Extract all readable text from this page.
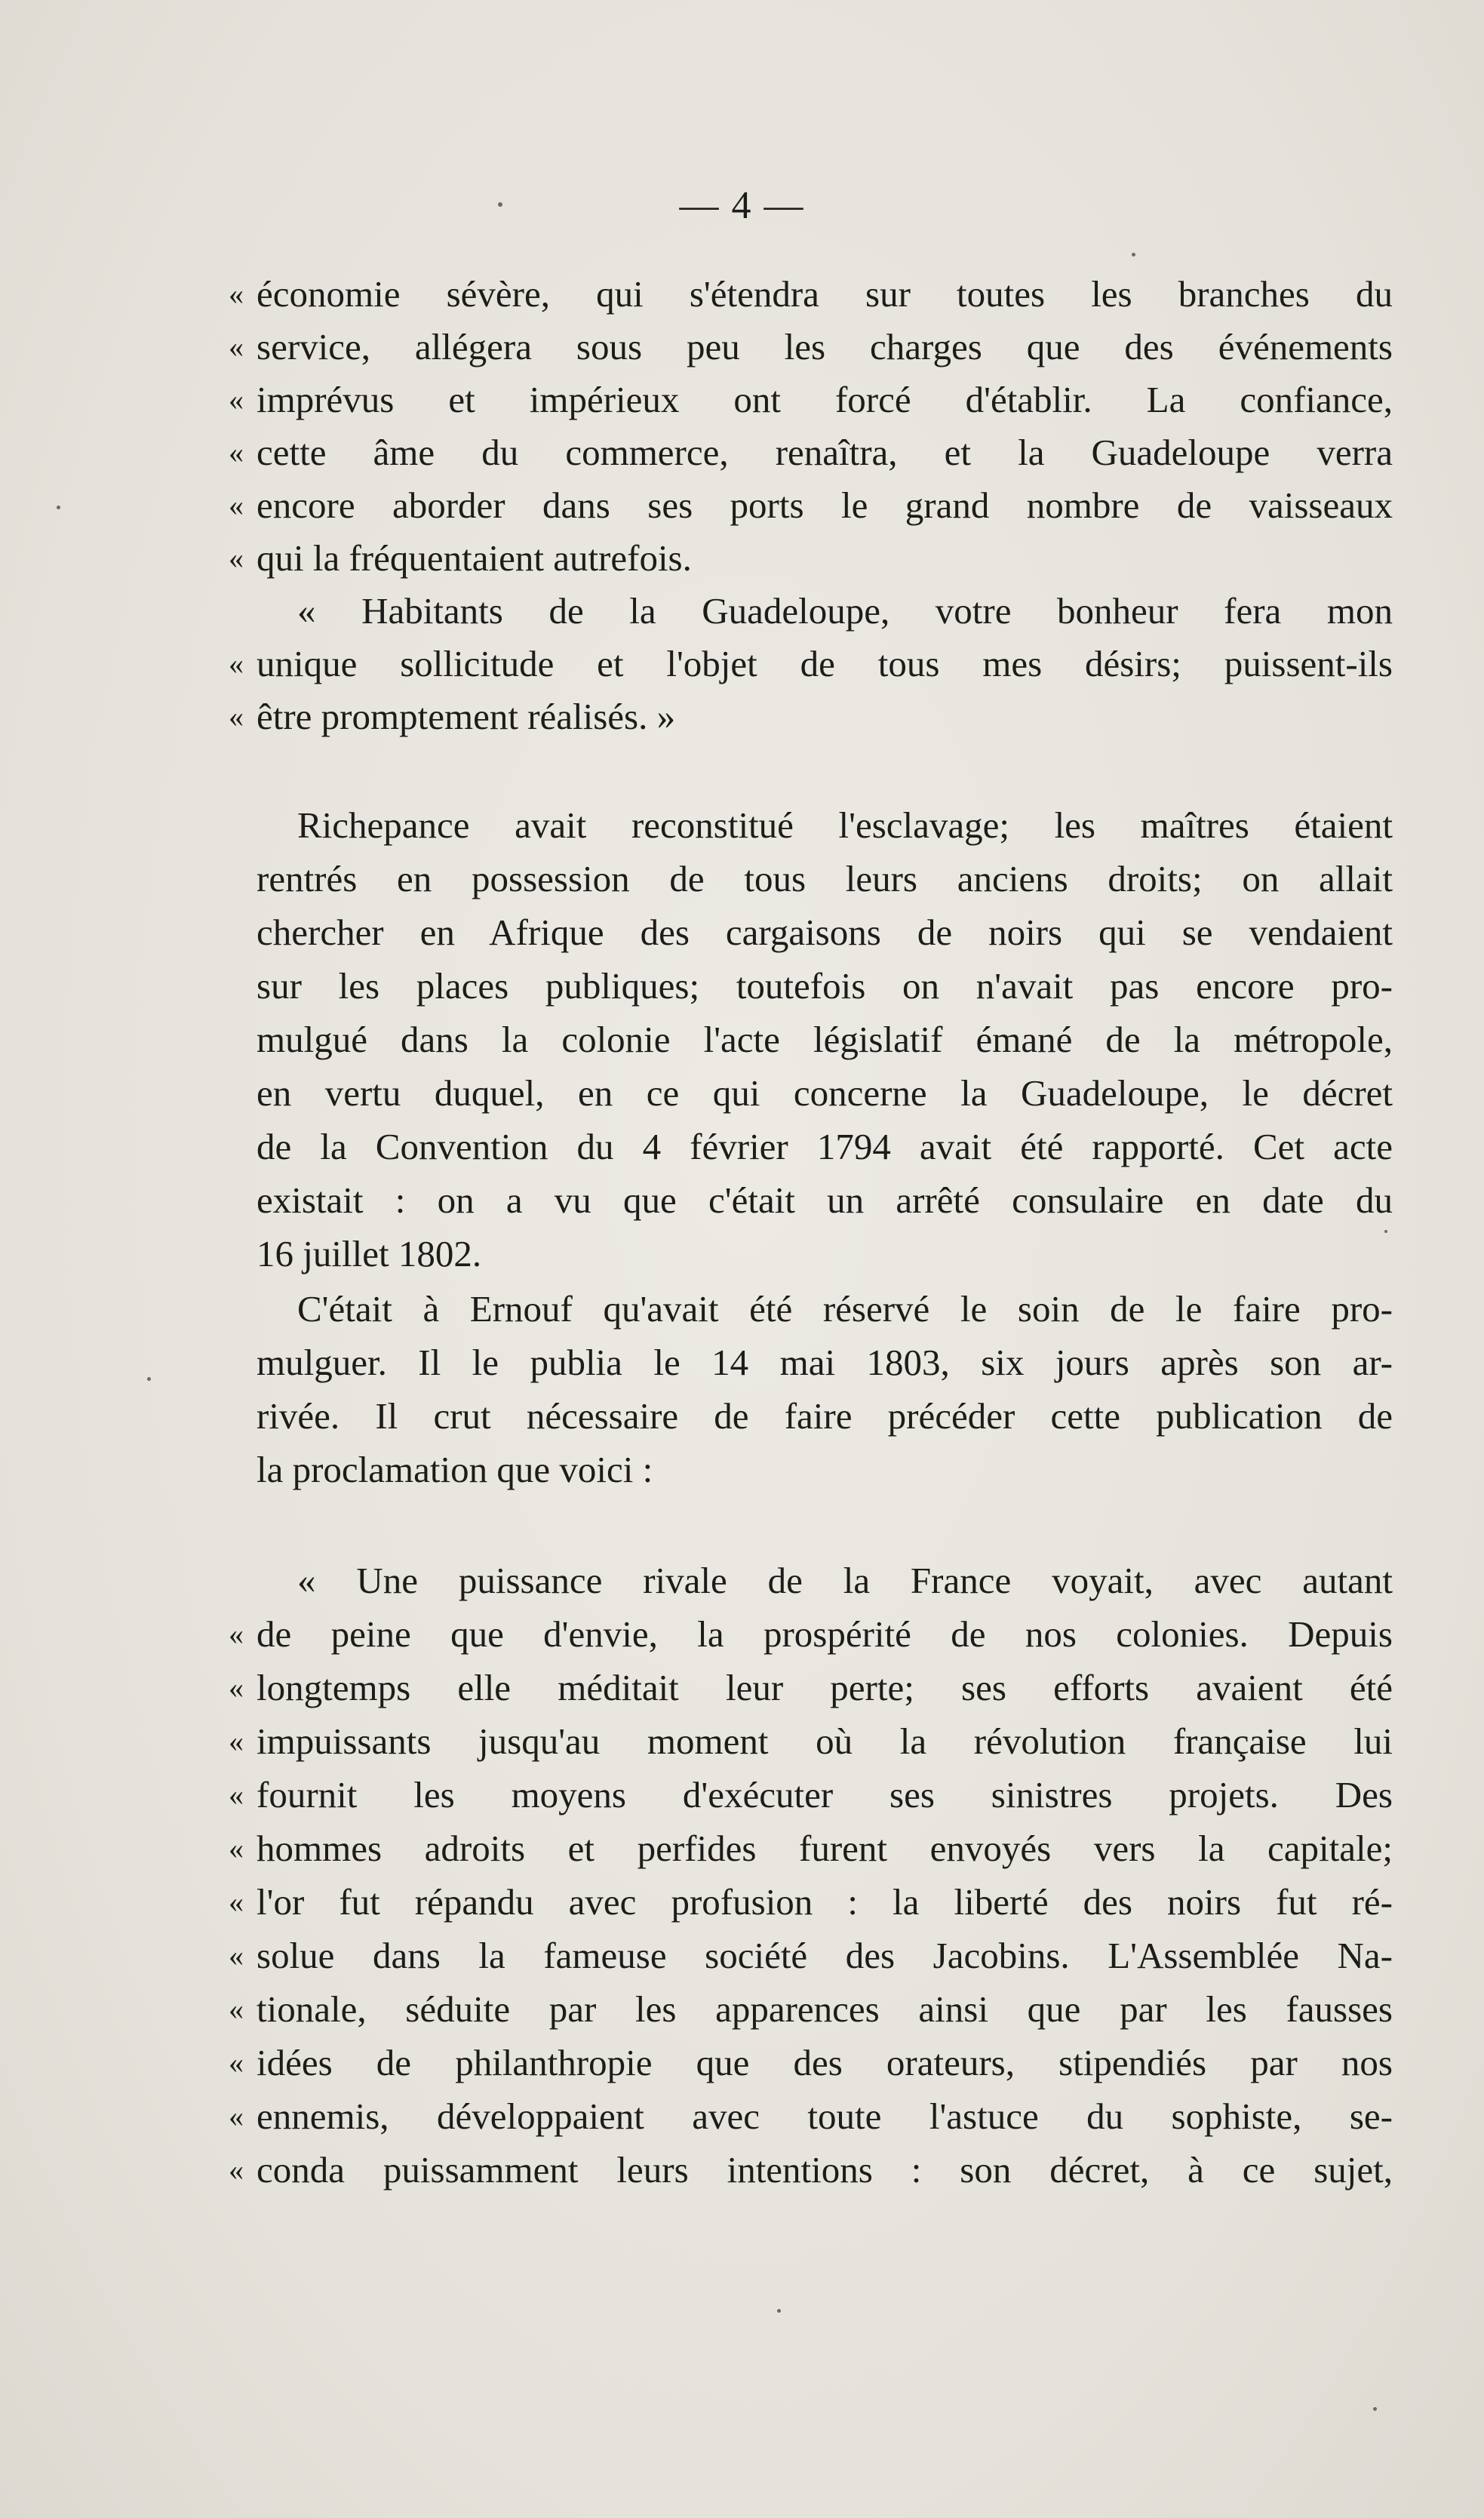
— 4 —
« économie sévère, qui s'étendra sur toutes les branches du
« service, allégera sous peu les charges que des événements
« imprévus et impérieux ont forcé d'établir. La confiance,
« cette âme du commerce, renaîtra, et la Guadeloupe verra
« encore aborder dans ses ports le grand nombre de vaisseaux
« qui la fréquentaient autrefois.
« Habitants de la Guadeloupe, votre bonheur fera mon
« unique sollicitude et l'objet de tous mes désirs; puissent-ils
« être promptement réalisés. »
Richepance avait reconstitué l'esclavage; les maîtres étaient
rentrés en possession de tous leurs anciens droits; on allait
chercher en Afrique des cargaisons de noirs qui se vendaient
sur les places publiques; toutefois on n'avait pas encore pro-
mulgué dans la colonie l'acte législatif émané de la métropole,
en vertu duquel, en ce qui concerne la Guadeloupe, le décret
de la Convention du 4 février 1794 avait été rapporté. Cet acte
existait : on a vu que c'était un arrêté consulaire en date du
16 juillet 1802.
C'était à Ernouf qu'avait été réservé le soin de le faire pro-
mulguer. Il le publia le 14 mai 1803, six jours après son ar-
rivée. Il crut nécessaire de faire précéder cette publication de
la proclamation que voici :
« Une puissance rivale de la France voyait, avec autant
« de peine que d'envie, la prospérité de nos colonies. Depuis
« longtemps elle méditait leur perte; ses efforts avaient été
« impuissants jusqu'au moment où la révolution française lui
« fournit les moyens d'exécuter ses sinistres projets. Des
« hommes adroits et perfides furent envoyés vers la capitale;
« l'or fut répandu avec profusion : la liberté des noirs fut ré-
« solue dans la fameuse société des Jacobins. L'Assemblée Na-
« tionale, séduite par les apparences ainsi que par les fausses
« idées de philanthropie que des orateurs, stipendiés par nos
« ennemis, développaient avec toute l'astuce du sophiste, se-
« conda puissamment leurs intentions : son décret, à ce sujet,
